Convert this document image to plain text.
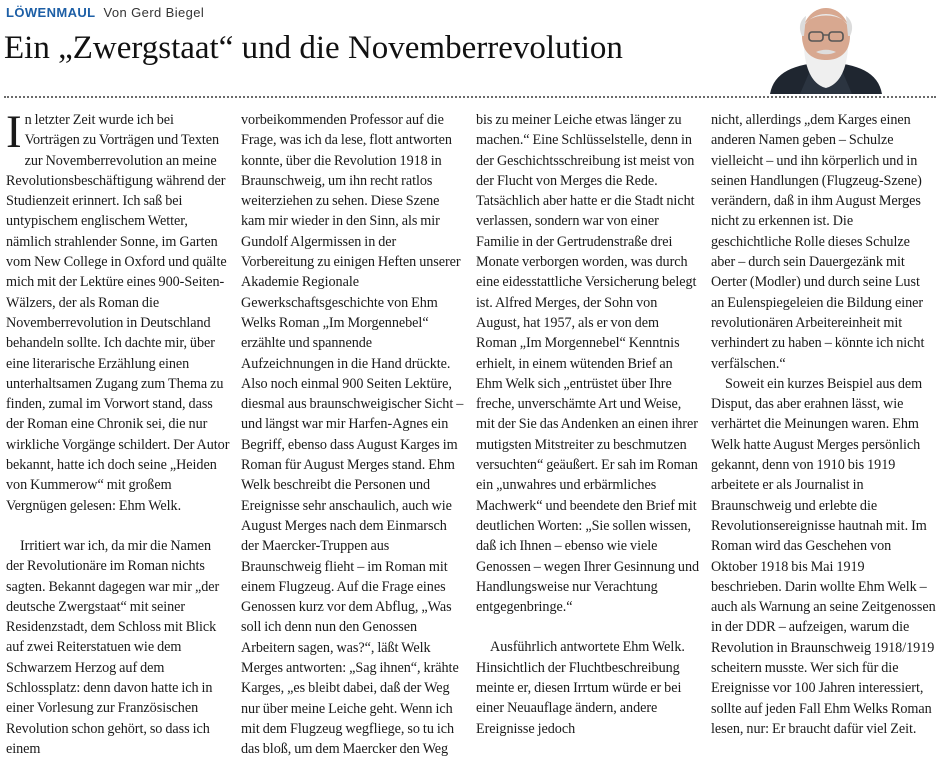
LÖWENMAUL Von Gerd Biegel
Ein „Zwergstaat“ und die Novemberrevolution

In letzter Zeit wurde ich bei Vorträgen zu Vorträgen und Texten zur Novemberrevolution an meine Revolutionsbeschäftigung während der Studienzeit erinnert. Ich saß bei untypischem englischem Wetter, nämlich strahlender Sonne, im Garten vom New College in Oxford und quälte mich mit der Lektüre eines 900-Seiten-Wälzers, der als Roman die Novemberrevolution in Deutschland behandeln sollte. Ich dachte mir, über eine literarische Erzählung einen unterhaltsamen Zugang zum Thema zu finden, zumal im Vorwort stand, dass der Roman eine Chronik sei, die nur wirkliche Vorgänge schildert. Der Autor bekannt, hatte ich doch seine „Heiden von Kummerow“ mit großem Vergnügen gelesen: Ehm Welk.

Irritiert war ich, da mir die Namen der Revolutionäre im Roman nichts sagten. Bekannt dagegen war mir „der deutsche Zwergstaat“ mit seiner Residenzstadt, dem Schloss mit Blick auf zwei Reiterstatuen wie dem Schwarzem Herzog auf dem Schlossplatz: denn davon hatte ich in einer Vorlesung zur Französischen Revolution schon gehört, so dass ich einem

vorbeikommenden Professor auf die Frage, was ich da lese, flott antworten konnte, über die Revolution 1918 in Braunschweig, um ihn recht ratlos weiterziehen zu sehen. Diese Szene kam mir wieder in den Sinn, als mir Gundolf Algermissen in der Vorbereitung zu einigen Heften unserer Akademie Regionale Gewerkschaftsgeschichte von Ehm Welks Roman „Im Morgennebel“ erzählte und spannende Aufzeichnungen in die Hand drückte. Also noch einmal 900 Seiten Lektüre, diesmal aus braunschweigischer Sicht – und längst war mir Harfen-Agnes ein Begriff, ebenso dass August Karges im Roman für August Merges stand. Ehm Welk beschreibt die Personen und Ereignisse sehr anschaulich, auch wie August Merges nach dem Einmarsch der Maercker-Truppen aus Braunschweig flieht – im Roman mit einem Flugzeug. Auf die Frage eines Genossen kurz vor dem Abflug, „Was soll ich denn nun den Genossen Arbeitern sagen, was?“, läßt Welk Merges antworten: „Sag ihnen“, krähte Karges, „es bleibt dabei, daß der Weg nur über meine Leiche geht. Wenn ich mit dem Flugzeug wegfliege, so tu ich das bloß, um dem Maercker den Weg

bis zu meiner Leiche etwas länger zu machen.“ Eine Schlüsselstelle, denn in der Geschichtsschreibung ist meist von der Flucht von Merges die Rede. Tatsächlich aber hatte er die Stadt nicht verlassen, sondern war von einer Familie in der Gertrudenstraße drei Monate verborgen worden, was durch eine eidesstattliche Versicherung belegt ist. Alfred Merges, der Sohn von August, hat 1957, als er von dem Roman „Im Morgennebel“ Kenntnis erhielt, in einem wütenden Brief an Ehm Welk sich „entrüstet über Ihre freche, unverschämte Art und Weise, mit der Sie das Andenken an einen ihrer mutigsten Mitstreiter zu beschmutzen versuchten“ geäußert. Er sah im Roman ein „unwahres und erbärmliches Machwerk“ und beendete den Brief mit deutlichen Worten: „Sie sollen wissen, daß ich Ihnen – ebenso wie viele Genossen – wegen Ihrer Gesinnung und Handlungsweise nur Verachtung entgegenbringe.“

Ausführlich antwortete Ehm Welk. Hinsichtlich der Fluchtbeschreibung meinte er, diesen Irrtum würde er bei einer Neuauflage ändern, andere Ereignisse jedoch

nicht, allerdings „dem Karges einen anderen Namen geben – Schulze vielleicht – und ihn körperlich und in seinen Handlungen (Flugzeug-Szene) verändern, daß in ihm August Merges nicht zu erkennen ist. Die geschichtliche Rolle dieses Schulze aber – durch sein Dauergezänk mit Oerter (Modler) und durch seine Lust an Eulenspiegeleien die Bildung einer revolutionären Arbeitereinheit mit verhindert zu haben – könnte ich nicht verfälschen.“

Soweit ein kurzes Beispiel aus dem Disput, das aber erahnen lässt, wie verhärtet die Meinungen waren. Ehm Welk hatte August Merges persönlich gekannt, denn von 1910 bis 1919 arbeitete er als Journalist in Braunschweig und erlebte die Revolutionsereignisse hautnah mit. Im Roman wird das Geschehen von Oktober 1918 bis Mai 1919 beschrieben. Darin wollte Ehm Welk – auch als Warnung an seine Zeitgenossen in der DDR – aufzeigen, warum die Revolution in Braunschweig 1918/1919 scheitern musste. Wer sich für die Ereignisse vor 100 Jahren interessiert, sollte auf jeden Fall Ehm Welks Roman lesen, nur: Er braucht dafür viel Zeit.
